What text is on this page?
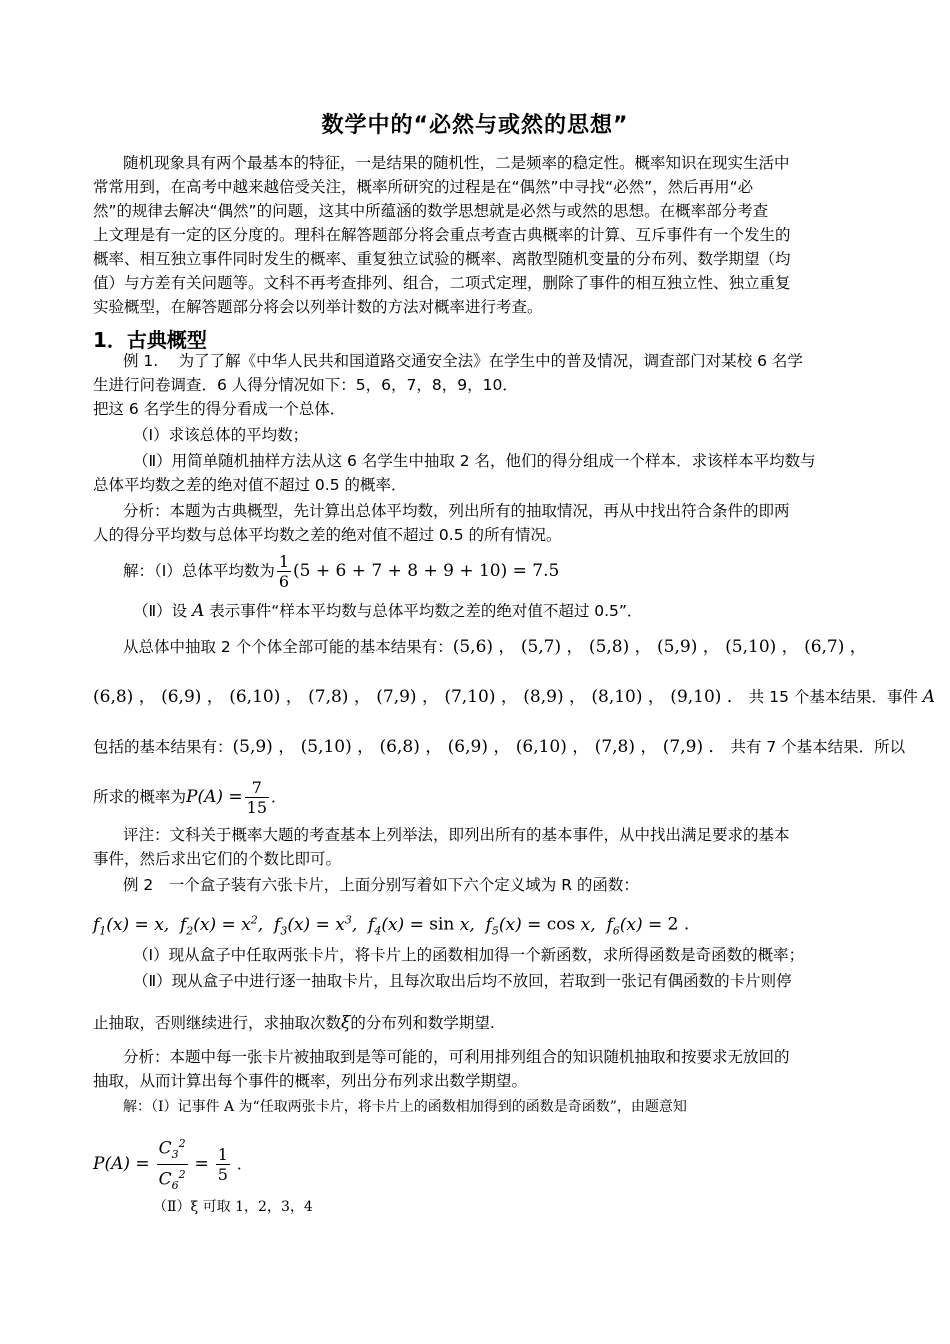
数学中的“必然与或然的思想”
随机现象具有两个最基本的特征，一是结果的随机性，二是频率的稳定性。概率知识在现实生活中
常常用到，在高考中越来越倍受关注，概率所研究的过程是在“偶然”中寻找“必然”，然后再用“必
然”的规律去解决“偶然”的问题，这其中所蕴涵的数学思想就是必然与或然的思想。在概率部分考查
上文理是有一定的区分度的。理科在解答题部分将会重点考查古典概率的计算、互斥事件有一个发生的
概率、相互独立事件同时发生的概率、重复独立试验的概率、离散型随机变量的分布列、数学期望（均
值）与方差有关问题等。文科不再考查排列、组合，二项式定理，删除了事件的相互独立性、独立重复
实验概型，在解答题部分将会以列举计数的方法对概率进行考查。
1．古典概型
例 1.　 为了了解《中华人民共和国道路交通安全法》在学生中的普及情况，调查部门对某校 6 名学
生进行问卷调查．6 人得分情况如下：5，6，7，8，9，10．
把这 6 名学生的得分看成一个总体．
（Ⅰ）求该总体的平均数；
（Ⅱ）用简单随机抽样方法从这 6 名学生中抽取 2 名，他们的得分组成一个样本．求该样本平均数与
总体平均数之差的绝对值不超过 0.5 的概率．
分析：本题为古典概型，先计算出总体平均数，列出所有的抽取情况，再从中找出符合条件的即两
人的得分平均数与总体平均数之差的绝对值不超过 0.5 的所有情况。
解：（Ⅰ）总体平均数为 $\frac{1}{6} (5 + 6 + 7 + 8 + 9 + 10) = 7.5$
（Ⅱ）设 A 表示事件“样本平均数与总体平均数之差的绝对值不超过 0.5”．
从总体中抽取 2 个个体全部可能的基本结果有：(5,6) ， (5,7) ， (5,8) ， (5,9) ， (5,10) ， (6,7) ，
(6,8) ， (6,9) ， (6,10) ， (7,8) ， (7,9) ， (7,10) ， (8,9) ， (8,10) ， (9,10) ． 共 15 个基本结果．事件 A
包括的基本结果有：(5,9) ， (5,10) ， (6,8) ， (6,9) ， (6,10) ， (7,8) ， (7,9) ． 共有 7 个基本结果．所以
所求的概率为$P(A) = \frac{7}{15}$ ．
评注：文科关于概率大题的考查基本上列举法，即列出所有的基本事件，从中找出满足要求的基本
事件，然后求出它们的个数比即可。
例 2　一个盒子装有六张卡片，上面分别写着如下六个定义域为 R 的函数：
$f_1(x) = x$,  $f_2(x) = x^2$,  $f_3(x) = x^3$,  $f_4(x) = \sin x$,  $f_5(x) = \cos x$,  $f_6(x) = 2$ .
（Ⅰ）现从盒子中任取两张卡片，将卡片上的函数相加得一个新函数，求所得函数是奇函数的概率；
（Ⅱ）现从盒子中进行逐一抽取卡片，且每次取出后均不放回，若取到一张记有偶函数的卡片则停
止抽取，否则继续进行，求抽取次数ξ的分布列和数学期望.
分析：本题中每一张卡片被抽取到是等可能的，可利用排列组合的知识随机抽取和按要求无放回的
抽取，从而计算出每个事件的概率，列出分布列求出数学期望。
解：（Ⅰ）记事件 A 为“任取两张卡片，将卡片上的函数相加得到的函数是奇函数”，由题意知
$P(A) = \frac{C_3^2}{C_6^2} = \frac{1}{5}$ ．
（Ⅱ）ξ 可取 1，2，3，4
